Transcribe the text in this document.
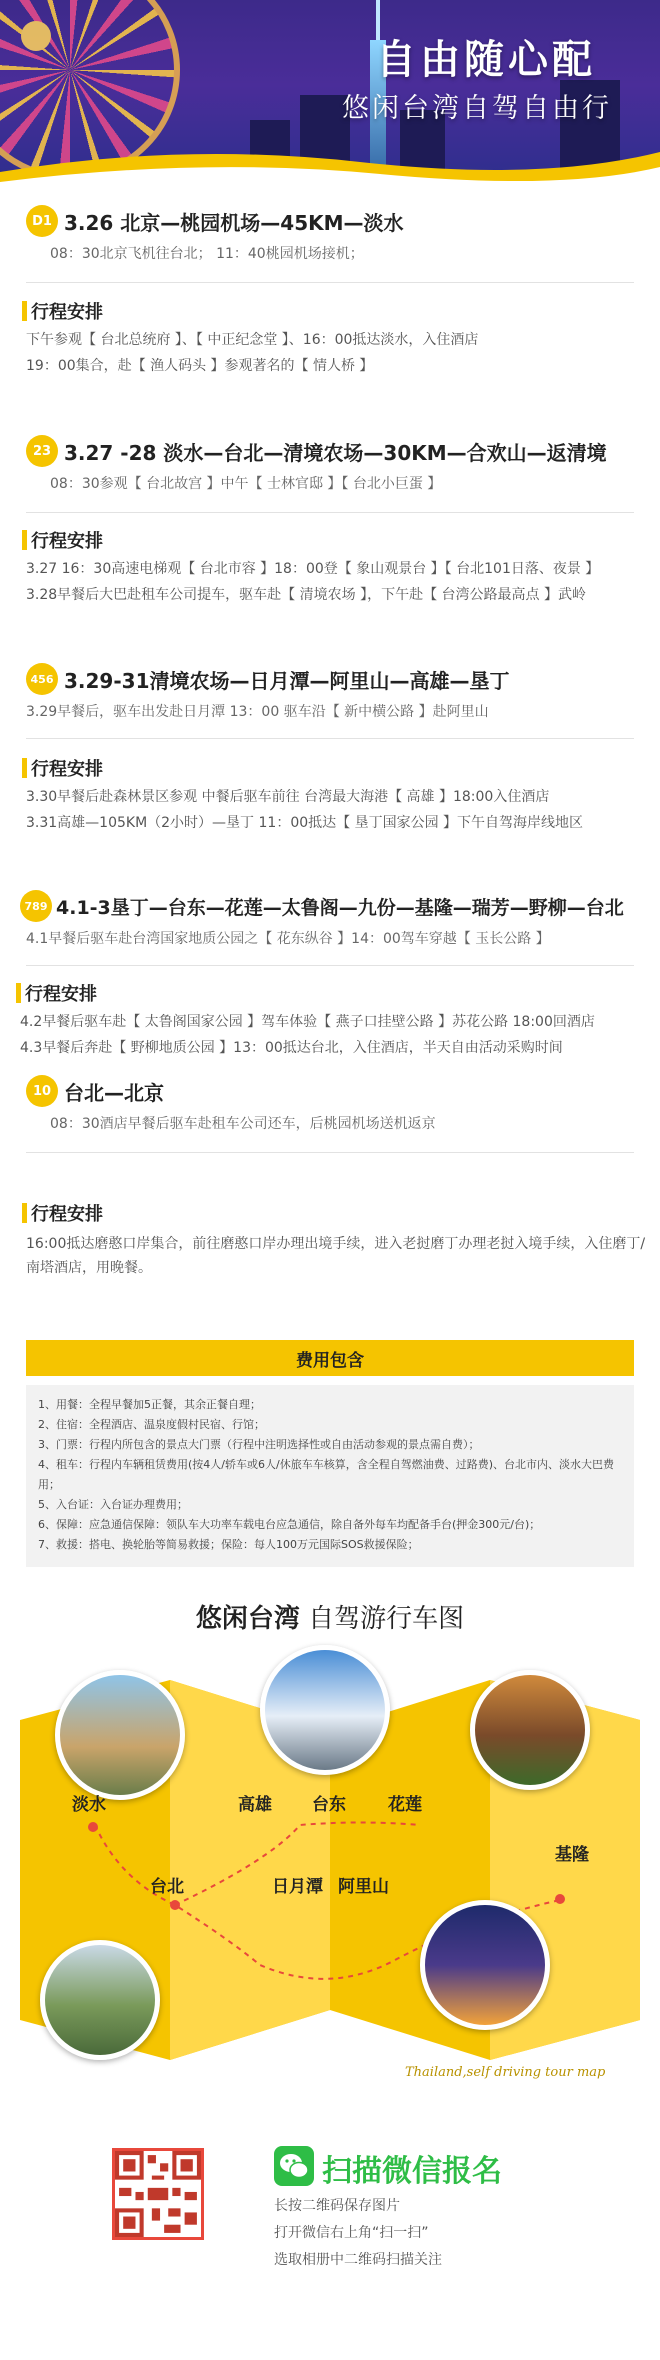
自由随心配
悠闲台湾自驾自由行
D1 3.26 北京—桃园机场—45KM—淡水
08：30北京飞机往台北； 11：40桃园机场接机；
行程安排
下午参观【 台北总统府 】、【 中正纪念堂 】、16：00抵达淡水，入住酒店
19：00集合，赴【 渔人码头 】参观著名的【 情人桥 】
23 3.27 -28 淡水—台北—清境农场—30KM—合欢山—返清境
08：30参观【 台北故宫 】中午【 士林官邸 】【 台北小巨蛋 】
行程安排
3.27 16：30高速电梯观【 台北市容 】18：00登【 象山观景台 】【 台北101日落、夜景 】
3.28早餐后大巴赴租车公司提车，驱车赴【 清境农场 】，下午赴【 台湾公路最高点 】武岭
456 3.29-31清境农场—日月潭—阿里山—高雄—垦丁
3.29早餐后，驱车出发赴日月潭 13：00 驱车沿【 新中横公路 】赴阿里山
行程安排
3.30早餐后赴森林景区参观 中餐后驱车前往 台湾最大海港【 高雄 】18:00入住酒店
3.31高雄—105KM（2小时）—垦丁 11：00抵达【 垦丁国家公园 】下午自驾海岸线地区
789 4.1-3垦丁—台东—花莲—太鲁阁—九份—基隆—瑞芳—野柳—台北
4.1早餐后驱车赴台湾国家地质公园之【 花东纵谷 】14：00驾车穿越【 玉长公路 】
行程安排
4.2早餐后驱车赴【 太鲁阁国家公园 】驾车体验【 燕子口挂壁公路 】苏花公路 18:00回酒店
4.3早餐后奔赴【 野柳地质公园 】13：00抵达台北，入住酒店，半天自由活动采购时间
10 台北—北京
08：30酒店早餐后驱车赴租车公司还车，后桃园机场送机返京
行程安排
16:00抵达磨憨口岸集合，前往磨憨口岸办理出境手续，进入老挝磨丁办理老挝入境手续，入住磨丁/南塔酒店，用晚餐。
费用包含
1、用餐：全程早餐加5正餐，其余正餐自理；
2、住宿：全程酒店、温泉度假村民宿、行馆；
3、门票：行程内所包含的景点大门票（行程中注明选择性或自由活动参观的景点需自费）；
4、租车：行程内车辆租赁费用(按4人/轿车或6人/休旅车车核算，含全程自驾燃油费、过路费)、台北市内、淡水大巴费用；
5、入台证：入台证办理费用；
6、保障：应急通信保障：领队车大功率车载电台应急通信，除自备外每车均配备手台(押金300元/台)；
7、救援：搭电、换轮胎等简易救援；保险：每人100万元国际SOS救援保险；
悠闲台湾 自驾游行车图
淡水	高雄 台东 花莲
台北	日月潭 阿里山
基隆
Thailand,self driving tour map
扫描微信报名
长按二维码保存图片
打开微信右上角“扫一扫”
选取相册中二维码扫描关注
